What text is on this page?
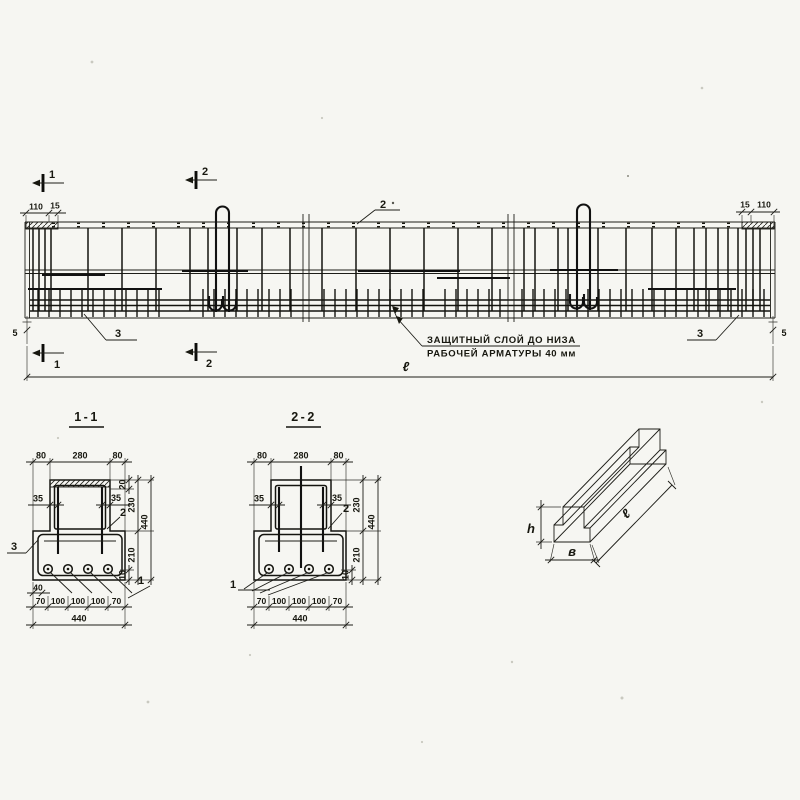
110 15	15 110
5	5
ℓ
1	2
1	2
2
3	3
ЗАЩИТНЫЙ СЛОЙ ДО НИЗА
РАБОЧЕЙ АРМАТУРЫ 40 мм
1-1
80	280	80
35	35
20
230
440
210
10
40
70 100 100 100 70
440
2
3
1
2-2
80	280	80
35	35 230
440
210
10
70 100 100 100 70
440
2
1
h
в
ℓ
